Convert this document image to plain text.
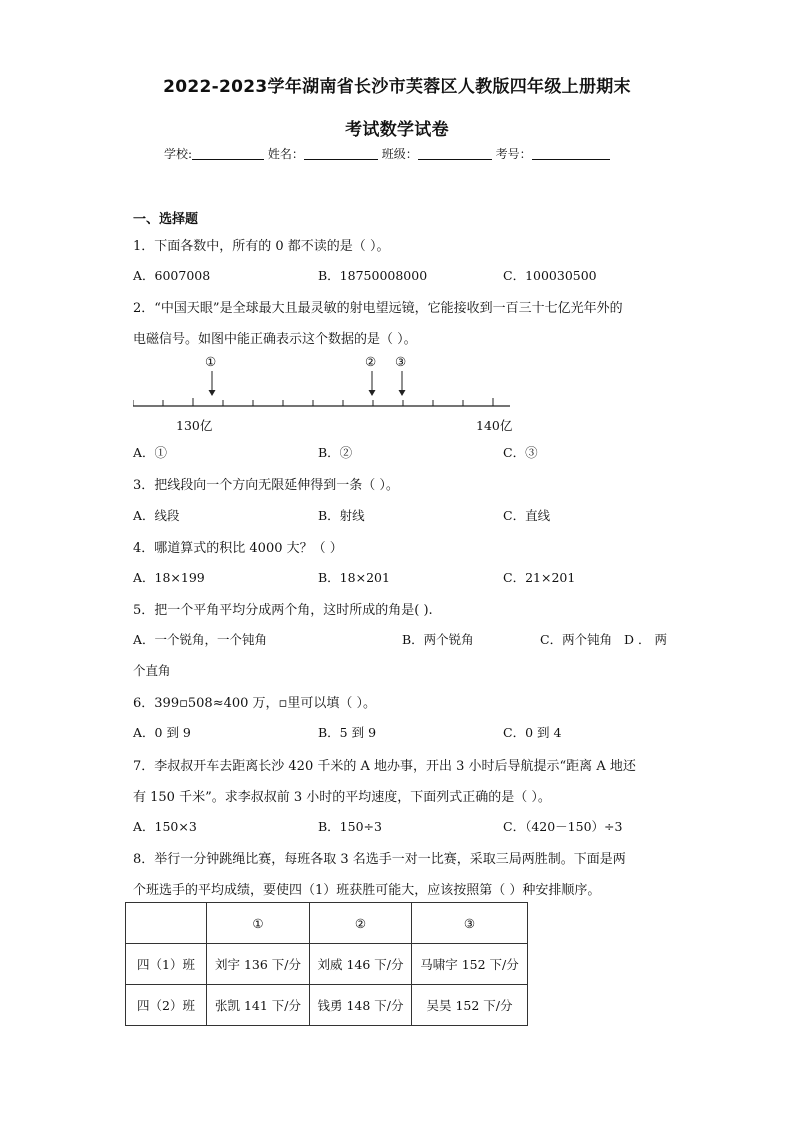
2022-2023学年湖南省长沙市芙蓉区人教版四年级上册期末
考试数学试卷
学校:	姓名：	班级：	考号：
一、选择题
1．下面各数中，所有的 0 都不读的是（ ）。
A．6007008	B．18750008000	C．100030500
2．“中国天眼”是全球最大且最灵敏的射电望远镜，它能接收到一百三十七亿光年外的
电磁信号。如图中能正确表示这个数据的是（ ）。
①	② ③
130亿	140亿
A．①	B．②	C．③
3．把线段向一个方向无限延伸得到一条（ ）。
A．线段	B．射线	C．直线
4．哪道算式的积比 4000 大？（ ）
A．18×199	B．18×201	C．21×201
5．把一个平角平均分成两个角，这时所成的角是( ).
A．一个锐角，一个钝角	B．两个锐角	C．两个钝角 D ． 两
个直角
6．399▫508≈400 万，▫里可以填（ ）。
A．0 到 9	B．5 到 9	C．0 到 4
7．李叔叔开车去距离长沙 420 千米的 A 地办事，开出 3 小时后导航提示“距离 A 地还
有 150 千米”。求李叔叔前 3 小时的平均速度，下面列式正确的是（ ）。
A．150×3	B．150÷3	C．（420－150）÷3
8．举行一分钟跳绳比赛，每班各取 3 名选手一对一比赛，采取三局两胜制。下面是两
个班选手的平均成绩，要使四（1）班获胜可能大，应该按照第（ ）种安排顺序。
	①	②	③
四（1）班	刘宇 136 下/分	刘威 146 下/分	马啸宇 152 下/分
四（2）班	张凯 141 下/分	钱勇 148 下/分	吴昊 152 下/分
